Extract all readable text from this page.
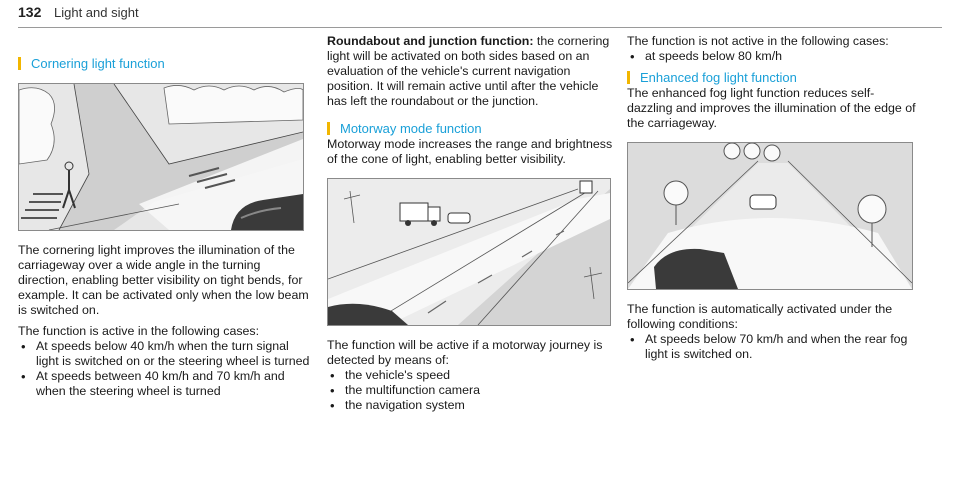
132 Light and sight
Cornering light function

The cornering light improves the illumination of the carriageway over a wide angle in the turning direction, enabling better visibility on tight bends, for example. It can be activated only when the low beam is switched on.

The function is active in the following cases:

• At speeds below 40 km/h when the turn signal light is switched on or the steering wheel is turned
• At speeds between 40 km/h and 70 km/h and when the steering wheel is turned

Roundabout and junction function: the cornering light will be activated on both sides based on an evaluation of the vehicle's current navigation position. It will remain active until after the vehicle has left the roundabout or the junction.

Motorway mode function

Motorway mode increases the range and brightness of the cone of light, enabling better visibility.

The function will be active if a motorway journey is detected by means of:

• the vehicle's speed
• the multifunction camera
• the navigation system

The function is not active in the following cases:

• at speeds below 80 km/h
Enhanced fog light function

The enhanced fog light function reduces self-dazzling and improves the illumination of the edge of the carriageway.

The function is automatically activated under the following conditions:

• At speeds below 70 km/h and when the rear fog light is switched on.
